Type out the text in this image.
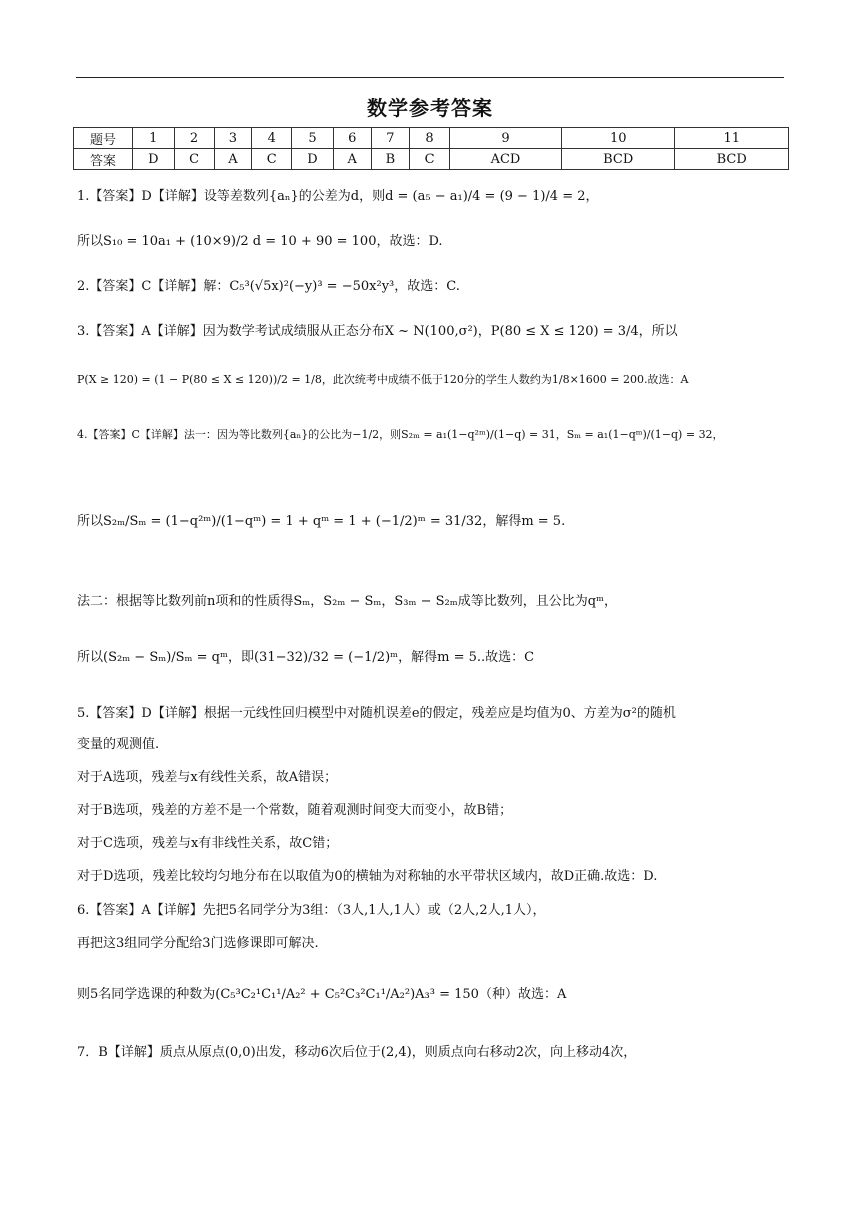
数学参考答案
题号	1	2	3	4	5	6	7	8	9	10	11
答案	D	C	A	C	D	A	B	C	ACD	BCD	BCD
1.【答案】D【详解】设等差数列{aₙ}的公差为d，则d = (a₅ − a₁)/4 = (9 − 1)/4 = 2，
所以S₁₀ = 10a₁ + (10×9)/2 d = 10 + 90 = 100，故选：D.
2.【答案】C【详解】解：C₅³(√5x)²(−y)³ = −50x²y³，故选：C.
3.【答案】A【详解】因为数学考试成绩服从正态分布X ~ N(100,σ²)，P(80 ≤ X ≤ 120) = 3/4，所以
P(X ≥ 120) = (1 − P(80 ≤ X ≤ 120))/2 = 1/8，此次统考中成绩不低于120分的学生人数约为1/8×1600 = 200.故选：A
4.【答案】C【详解】法一：因为等比数列{aₙ}的公比为−1/2，则S₂ₘ = a₁(1−q²ᵐ)/(1−q) = 31，Sₘ = a₁(1−qᵐ)/(1−q) = 32，
所以S₂ₘ/Sₘ = (1−q²ᵐ)/(1−qᵐ) = 1 + qᵐ = 1 + (−1/2)ᵐ = 31/32，解得m = 5.
法二：根据等比数列前n项和的性质得Sₘ，S₂ₘ − Sₘ，S₃ₘ − S₂ₘ成等比数列，且公比为qᵐ，
所以(S₂ₘ − Sₘ)/Sₘ = qᵐ，即(31−32)/32 = (−1/2)ᵐ，解得m = 5..故选：C
5.【答案】D【详解】根据一元线性回归模型中对随机误差e的假定，残差应是均值为0、方差为σ²的随机
变量的观测值.
对于A选项，残差与x有线性关系，故A错误；
对于B选项，残差的方差不是一个常数，随着观测时间变大而变小，故B错；
对于C选项，残差与x有非线性关系，故C错；
对于D选项，残差比较均匀地分布在以取值为0的横轴为对称轴的水平带状区域内，故D正确.故选：D.
6.【答案】A【详解】先把5名同学分为3组：（3人,1人,1人）或（2人,2人,1人），
再把这3组同学分配给3门选修课即可解决.
则5名同学选课的种数为(C₅³C₂¹C₁¹/A₂² + C₅²C₃²C₁¹/A₂²)A₃³ = 150（种）故选：A
7．B【详解】质点从原点(0,0)出发，移动6次后位于(2,4)，则质点向右移动2次，向上移动4次，
